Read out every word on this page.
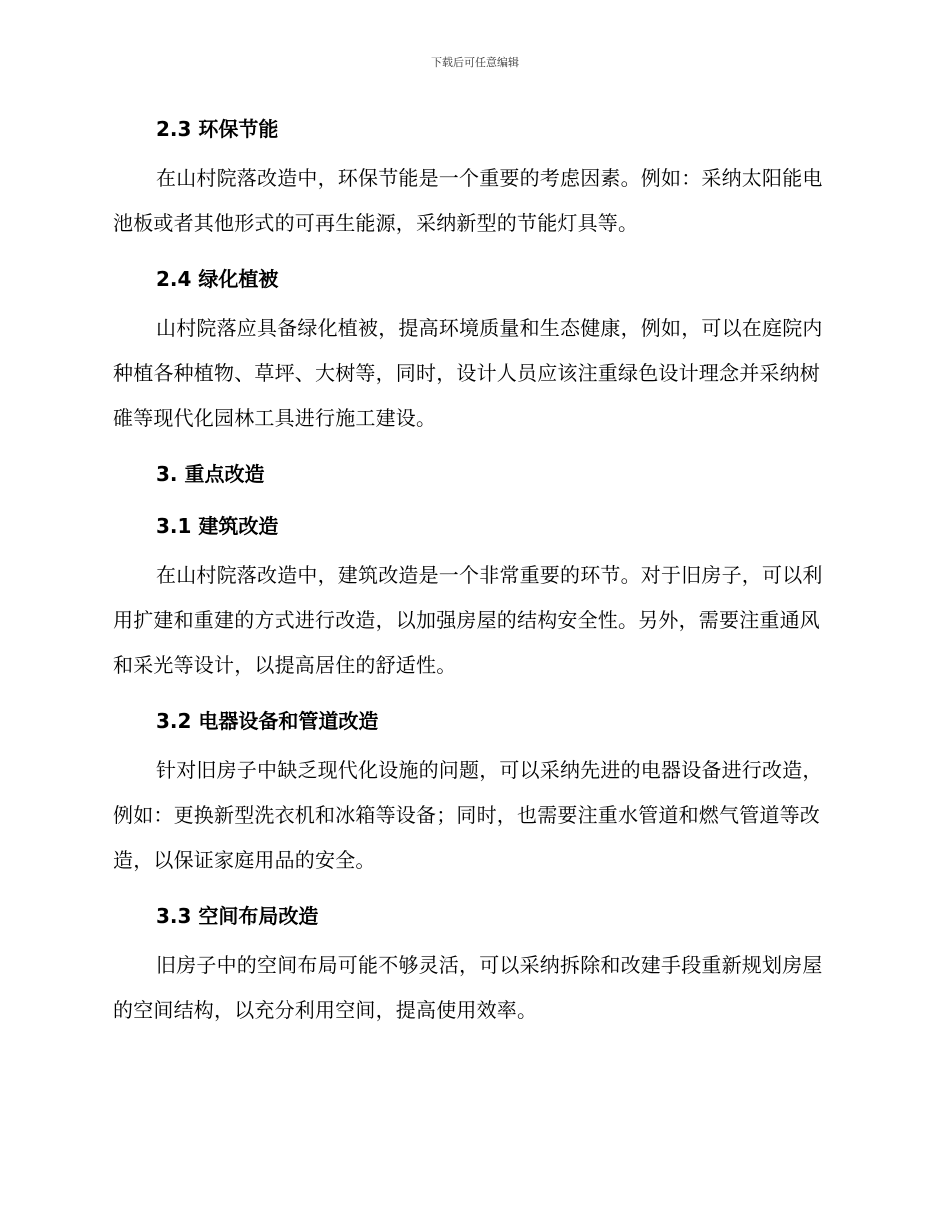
下载后可任意编辑
2.3 环保节能

在山村院落改造中，环保节能是一个重要的考虑因素。例如：采纳太阳能电池板或者其他形式的可再生能源，采纳新型的节能灯具等。

2.4 绿化植被

山村院落应具备绿化植被，提高环境质量和生态健康，例如，可以在庭院内种植各种植物、草坪、大树等，同时，设计人员应该注重绿色设计理念并采纳树碓等现代化园林工具进行施工建设。

3. 重点改造
3.1 建筑改造

在山村院落改造中，建筑改造是一个非常重要的环节。对于旧房子，可以利用扩建和重建的方式进行改造，以加强房屋的结构安全性。另外，需要注重通风和采光等设计，以提高居住的舒适性。

3.2 电器设备和管道改造

针对旧房子中缺乏现代化设施的问题，可以采纳先进的电器设备进行改造，例如：更换新型洗衣机和冰箱等设备；同时，也需要注重水管道和燃气管道等改造，以保证家庭用品的安全。

3.3 空间布局改造

旧房子中的空间布局可能不够灵活，可以采纳拆除和改建手段重新规划房屋的空间结构，以充分利用空间，提高使用效率。
